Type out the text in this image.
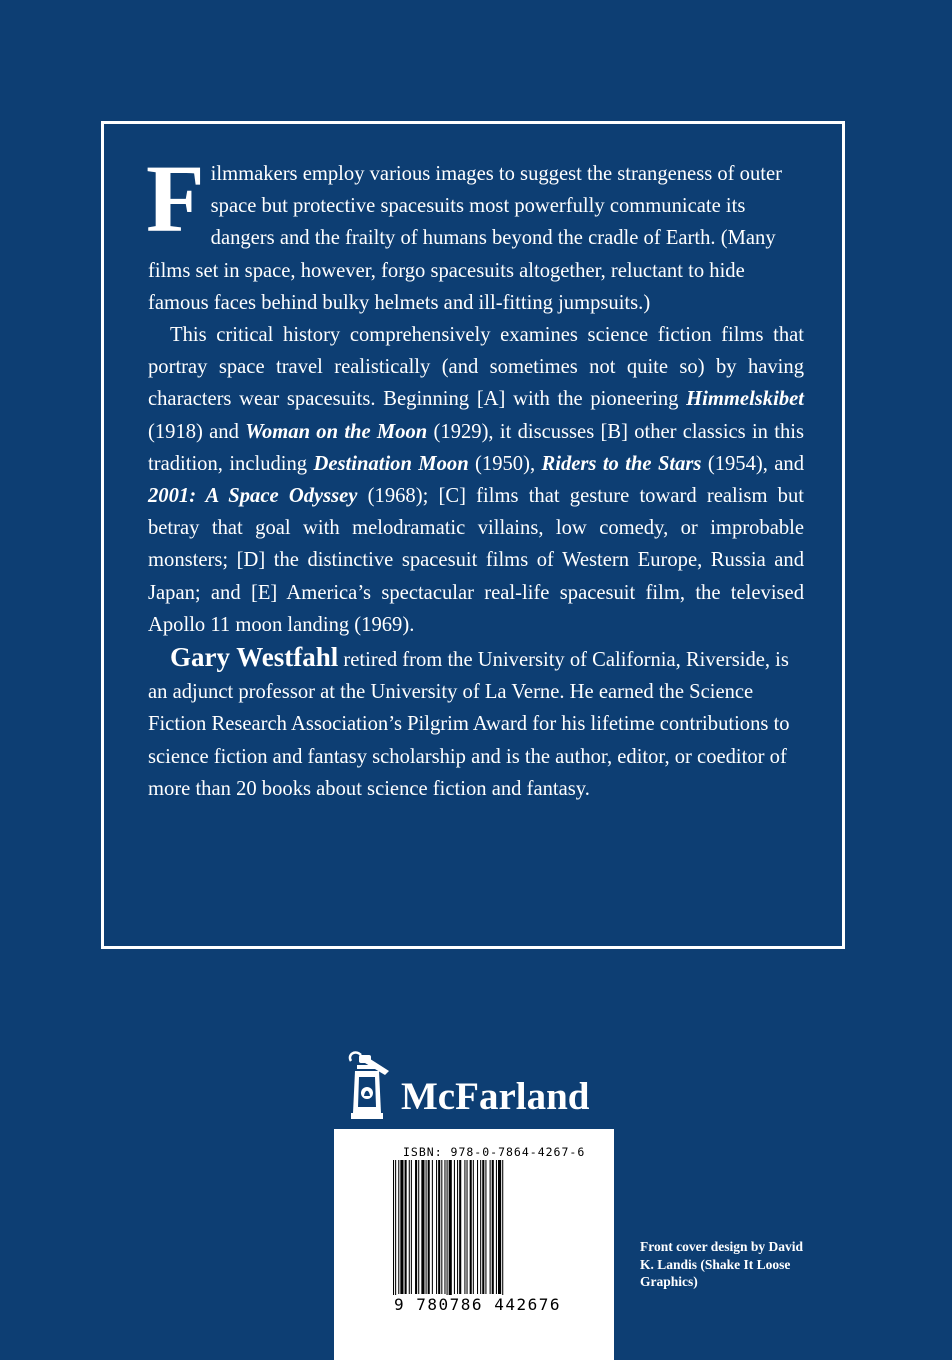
Filmmakers employ various images to suggest the strangeness of outer space but protective spacesuits most powerfully communicate its dangers and the frailty of humans beyond the cradle of Earth. (Many films set in space, however, forgo spacesuits altogether, reluctant to hide famous faces behind bulky helmets and ill-fitting jumpsuits.)

This critical history comprehensively examines science fiction films that portray space travel realistically (and sometimes not quite so) by having characters wear spacesuits. Beginning [A] with the pioneering Himmelskibet (1918) and Woman on the Moon (1929), it discusses [B] other classics in this tradition, including Destination Moon (1950), Riders to the Stars (1954), and 2001: A Space Odyssey (1968); [C] films that gesture toward realism but betray that goal with melodramatic villains, low comedy, or improbable monsters; [D] the distinctive spacesuit films of Western Europe, Russia and Japan; and [E] America’s spectacular real-life spacesuit film, the televised Apollo 11 moon landing (1969).

Gary Westfahl retired from the University of California, Riverside, is an adjunct professor at the University of La Verne. He earned the Science Fiction Research Association’s Pilgrim Award for his lifetime contributions to science fiction and fantasy scholarship and is the author, editor, or coeditor of more than 20 books about science fiction and fantasy.

McFarland
ISBN: 978-0-7864-4267-6
9 780786 442676
Front cover design by David K. Landis (Shake It Loose Graphics)
